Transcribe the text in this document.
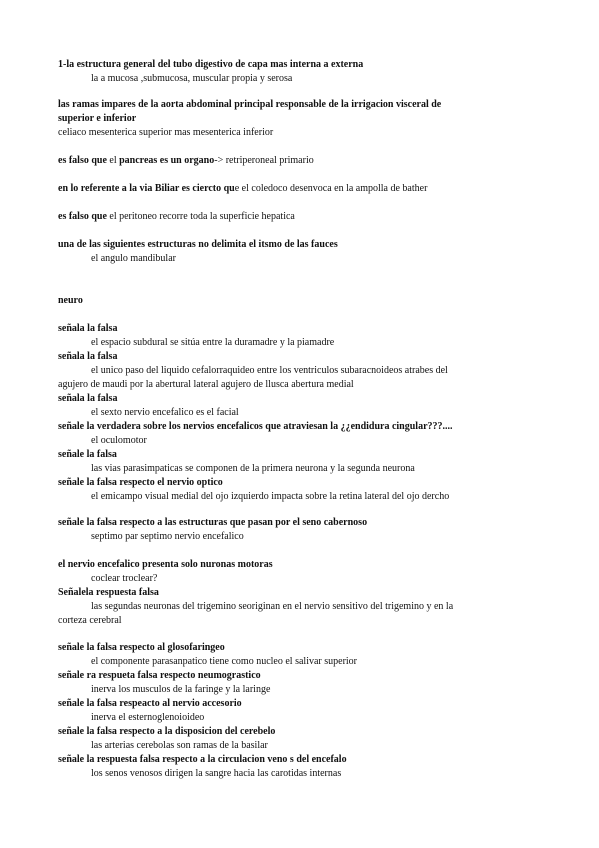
1-la estructura general del tubo digestivo de capa mas interna a externa
la a mucosa ,submucosa, muscular propia y serosa
las ramas impares de la aorta abdominal principal responsable de la irrigacion visceral de
superior e inferior
celiaco mesenterica superior mas mesenterica inferior
es falso que el pancreas es un organo-> retriperoneal primario
en lo referente a la via Biliar es ciercto que el coledoco desenvoca en la ampolla de bather
es falso que el peritoneo recorre toda la superficie hepatica
una de las siguientes estructuras no delimita el itsmo de las fauces
el angulo mandibular
neuro
señala la falsa
el espacio subdural se sitúa entre la duramadre y la piamadre
señala la falsa
el unico paso del liquido cefalorraquideo entre los ventriculos subaracnoideos atrabes del
agujero de maudi por la abertural lateral agujero de llusca abertura medial
señala la falsa
el sexto nervio encefalico es el facial
señale la verdadera sobre los nervios encefalicos que atraviesan la ¿¿endidura cingular???....
el oculomotor
señale la falsa
las vias parasimpaticas se componen de la primera neurona y la segunda neurona
señale la falsa respecto el nervio optico
el emicampo visual medial del ojo izquierdo impacta sobre la retina lateral del ojo dercho
señale la falsa respecto a las estructuras que pasan por el seno cabernoso
septimo par septimo nervio encefalico
el nervio encefalico presenta solo nuronas motoras
coclear troclear?
Señalela respuesta falsa
las segundas neuronas del trigemino seoriginan en el nervio sensitivo del trigemino y en la
corteza cerebral
señale la falsa respecto al glosofaringeo
el componente parasanpatico tiene como nucleo el salivar superior
señale ra respueta falsa respecto neumograstico
inerva los musculos de la faringe y la laringe
señale la falsa respeacto al nervio accesorio
inerva el esternoglenoioideo
señale la falsa respecto a la disposicion del cerebelo
las arterias cerebolas son ramas de la basilar
señale la respuesta falsa respecto a la circulacion veno s del encefalo
los senos venosos dirigen la sangre hacia las carotidas internas
